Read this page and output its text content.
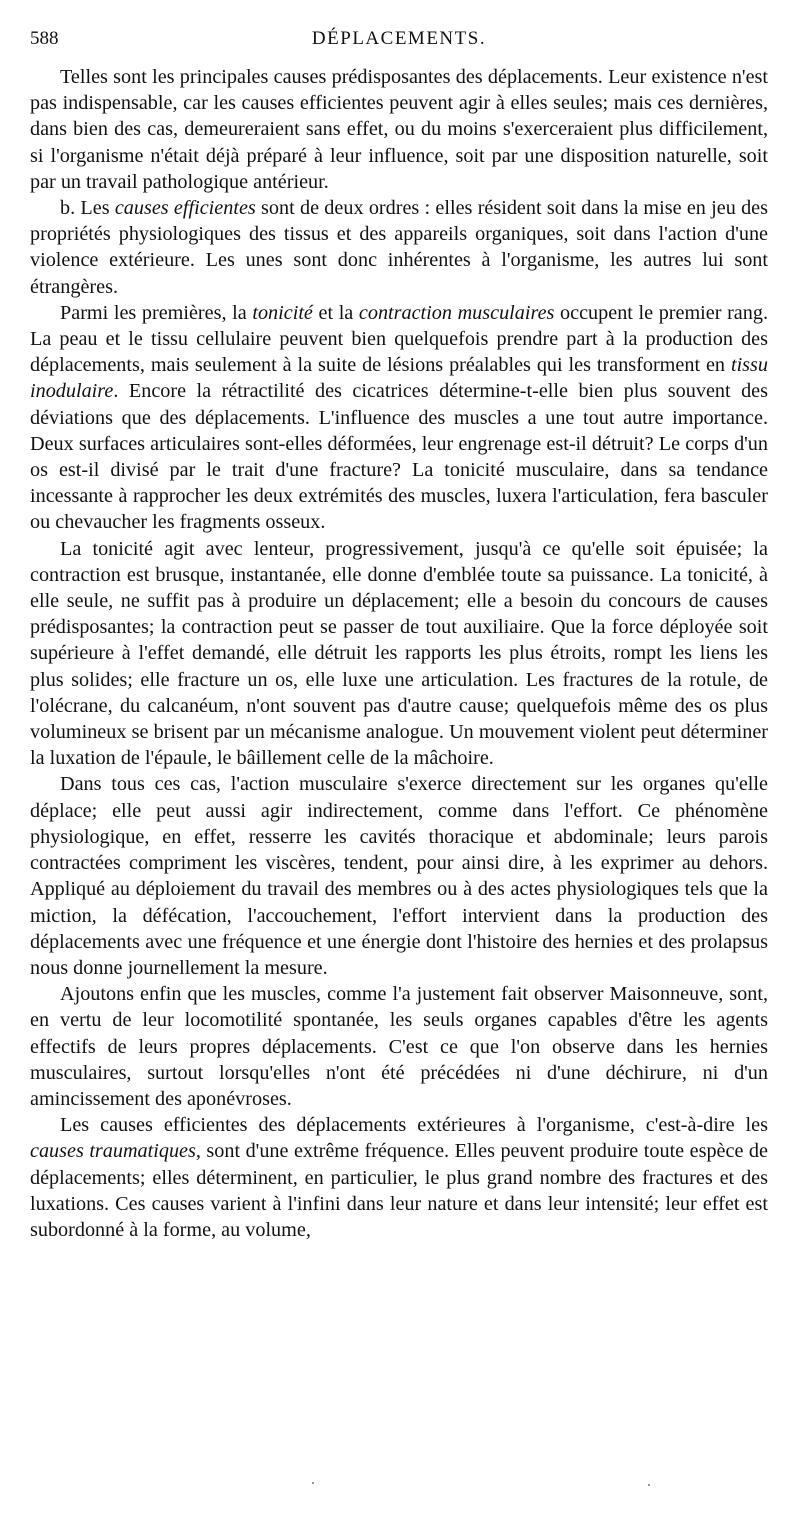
588	DÉPLACEMENTS.

Telles sont les principales causes prédisposantes des déplacements. Leur existence n'est pas indispensable, car les causes efficientes peuvent agir à elles seules; mais ces dernières, dans bien des cas, demeureraient sans effet, ou du moins s'exerceraient plus difficilement, si l'organisme n'était déjà préparé à leur influence, soit par une disposition naturelle, soit par un travail pathologique antérieur.

b. Les causes efficientes sont de deux ordres : elles résident soit dans la mise en jeu des propriétés physiologiques des tissus et des appareils organiques, soit dans l'action d'une violence extérieure. Les unes sont donc inhérentes à l'organisme, les autres lui sont étrangères.

Parmi les premières, la tonicité et la contraction musculaires occupent le premier rang. La peau et le tissu cellulaire peuvent bien quelquefois prendre part à la production des déplacements, mais seulement à la suite de lésions préalables qui les transforment en tissu inodulaire. Encore la rétractilité des cicatrices détermine-t-elle bien plus souvent des déviations que des déplacements. L'influence des muscles a une tout autre importance. Deux surfaces articulaires sont-elles déformées, leur engrenage est-il détruit? Le corps d'un os est-il divisé par le trait d'une fracture? La tonicité musculaire, dans sa tendance incessante à rapprocher les deux extrémités des muscles, luxera l'articulation, fera basculer ou chevaucher les fragments osseux.

La tonicité agit avec lenteur, progressivement, jusqu'à ce qu'elle soit épuisée; la contraction est brusque, instantanée, elle donne d'emblée toute sa puissance. La tonicité, à elle seule, ne suffit pas à produire un déplacement; elle a besoin du concours de causes prédisposantes; la contraction peut se passer de tout auxiliaire. Que la force déployée soit supérieure à l'effet demandé, elle détruit les rapports les plus étroits, rompt les liens les plus solides; elle fracture un os, elle luxe une articulation. Les fractures de la rotule, de l'olécrane, du calcanéum, n'ont souvent pas d'autre cause; quelquefois même des os plus volumineux se brisent par un mécanisme analogue. Un mouvement violent peut déterminer la luxation de l'épaule, le bâillement celle de la mâchoire.

Dans tous ces cas, l'action musculaire s'exerce directement sur les organes qu'elle déplace; elle peut aussi agir indirectement, comme dans l'effort. Ce phénomène physiologique, en effet, resserre les cavités thoracique et abdominale; leurs parois contractées compriment les viscères, tendent, pour ainsi dire, à les exprimer au dehors. Appliqué au déploiement du travail des membres ou à des actes physiologiques tels que la miction, la défécation, l'accouchement, l'effort intervient dans la production des déplacements avec une fréquence et une énergie dont l'histoire des hernies et des prolapsus nous donne journellement la mesure.

Ajoutons enfin que les muscles, comme l'a justement fait observer Maisonneuve, sont, en vertu de leur locomotilité spontanée, les seuls organes capables d'être les agents effectifs de leurs propres déplacements. C'est ce que l'on observe dans les hernies musculaires, surtout lorsqu'elles n'ont été précédées ni d'une déchirure, ni d'un amincissement des aponévroses.

Les causes efficientes des déplacements extérieures à l'organisme, c'est-à-dire les causes traumatiques, sont d'une extrême fréquence. Elles peuvent produire toute espèce de déplacements; elles déterminent, en particulier, le plus grand nombre des fractures et des luxations. Ces causes varient à l'infini dans leur nature et dans leur intensité; leur effet est subordonné à la forme, au volume,
